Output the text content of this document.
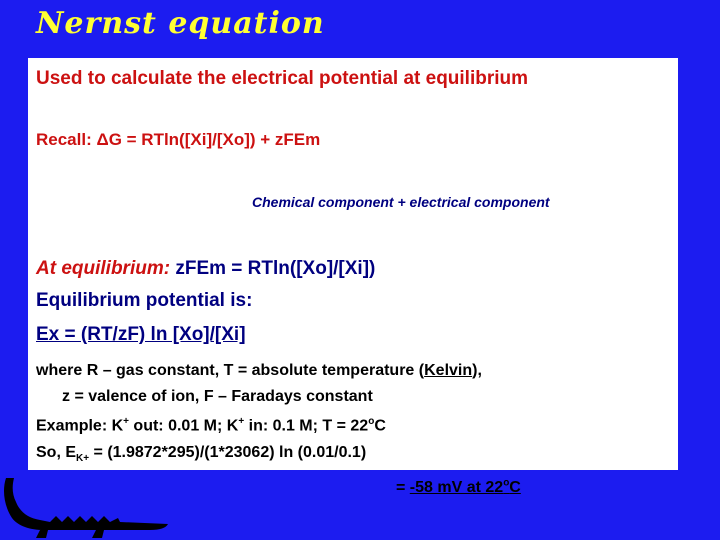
Nernst equation
Used to calculate the electrical potential at equilibrium
Recall: ΔG = RTln([Xi]/[Xo]) + zFEm
Chemical component + electrical component
At equilibrium: zFEm = RTln([Xo]/[Xi])
Equilibrium potential is:
Ex = (RT/zF) ln [Xo]/[Xi]
where R – gas constant, T = absolute temperature (Kelvin),
z = valence of ion, F – Faradays constant
Example: K+ out: 0.01 M; K+ in: 0.1 M; $T = 22^oC$
So, $E_{K+} = (1.9872*295)/(1*23062)$ ln (0.01/0.1)
= -58 mV at 22$^o$C
